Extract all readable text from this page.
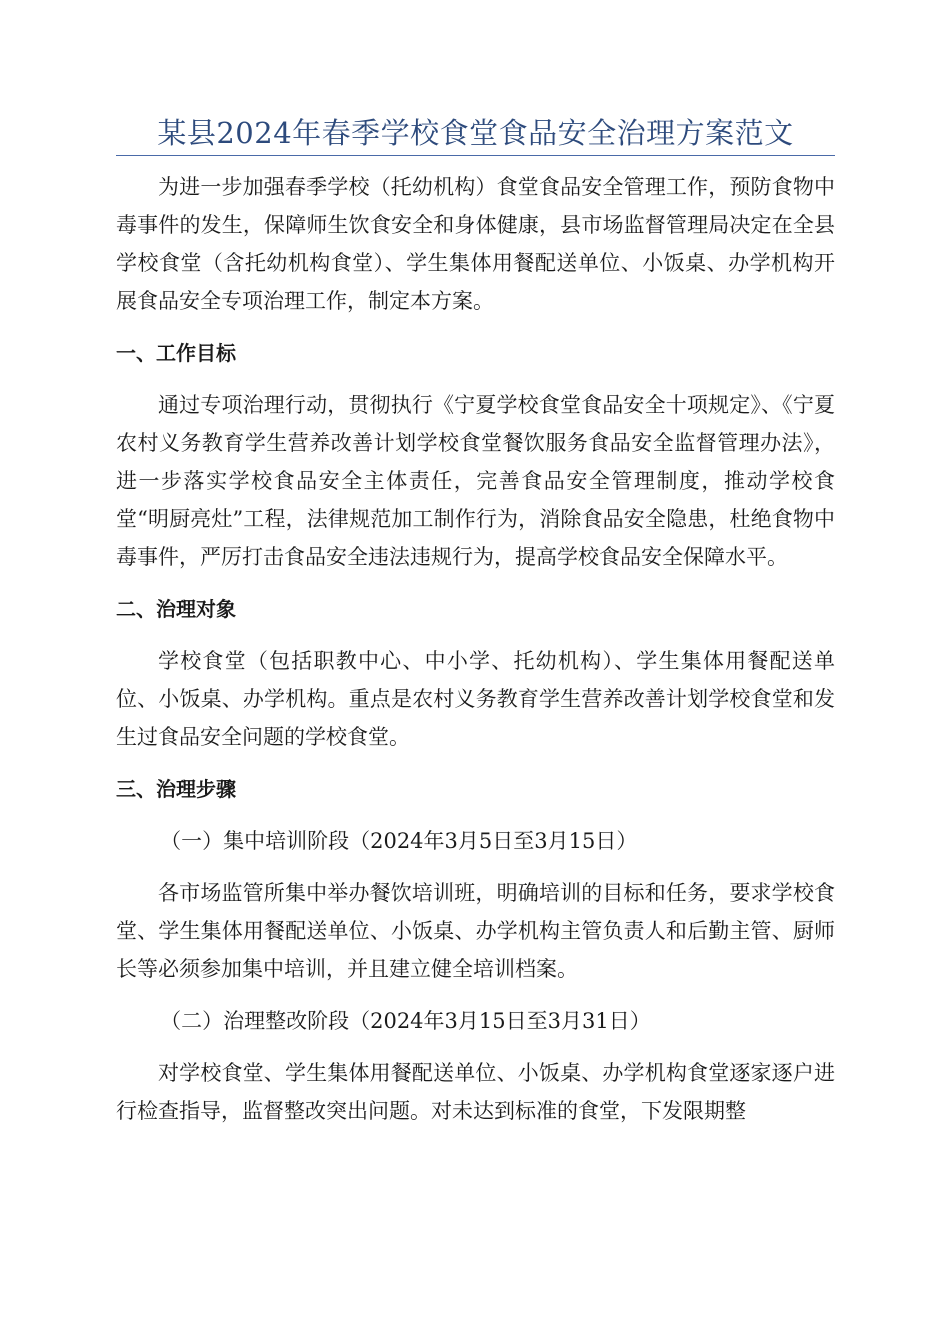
某县2024年春季学校食堂食品安全治理方案范文

为进一步加强春季学校（托幼机构）食堂食品安全管理工作，预防食物中毒事件的发生，保障师生饮食安全和身体健康，县市场监督管理局决定在全县学校食堂（含托幼机构食堂）、学生集体用餐配送单位、小饭桌、办学机构开展食品安全专项治理工作，制定本方案。

一、工作目标

通过专项治理行动，贯彻执行《宁夏学校食堂食品安全十项规定》、《宁夏农村义务教育学生营养改善计划学校食堂餐饮服务食品安全监督管理办法》，进一步落实学校食品安全主体责任，完善食品安全管理制度，推动学校食堂“明厨亮灶”工程，法律规范加工制作行为，消除食品安全隐患，杜绝食物中毒事件，严厉打击食品安全违法违规行为，提高学校食品安全保障水平。

二、治理对象

学校食堂（包括职教中心、中小学、托幼机构）、学生集体用餐配送单位、小饭桌、办学机构。重点是农村义务教育学生营养改善计划学校食堂和发生过食品安全问题的学校食堂。

三、治理步骤
（一）集中培训阶段（2024年3月5日至3月15日）

各市场监管所集中举办餐饮培训班，明确培训的目标和任务，要求学校食堂、学生集体用餐配送单位、小饭桌、办学机构主管负责人和后勤主管、厨师长等必须参加集中培训，并且建立健全培训档案。

（二）治理整改阶段（2024年3月15日至3月31日）

对学校食堂、学生集体用餐配送单位、小饭桌、办学机构食堂逐家逐户进行检查指导，监督整改突出问题。对未达到标准的食堂，下发限期整
